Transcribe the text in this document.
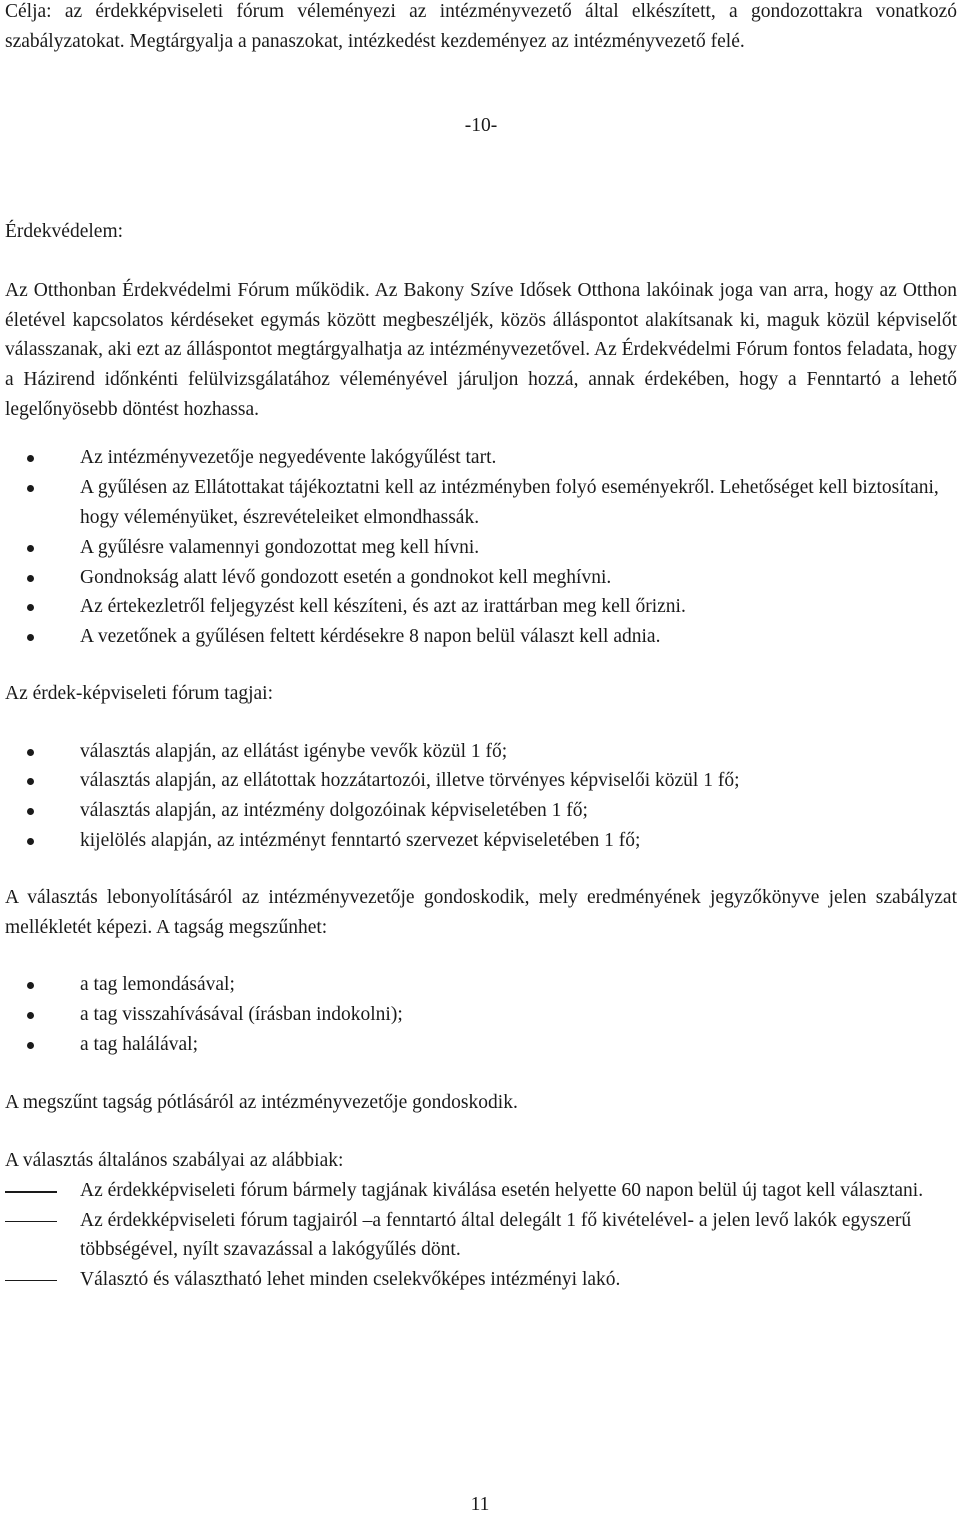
Célja: az érdekképviseleti fórum véleményezi az intézményvezető által elkészített, a gondozottakra vonatkozó szabályzatokat. Megtárgyalja a panaszokat, intézkedést kezdeményez az intézményvezető felé.

-10-

Érdekvédelem:

Az Otthonban Érdekvédelmi Fórum működik. Az Bakony Szíve Idősek Otthona lakóinak joga van arra, hogy az Otthon életével kapcsolatos kérdéseket egymás között megbeszéljék, közös álláspontot alakítsanak ki, maguk közül képviselőt válasszanak, aki ezt az álláspontot megtárgyalhatja az intézményvezetővel. Az Érdekvédelmi Fórum fontos feladata, hogy a Házirend időnkénti felülvizsgálatához véleményével járuljon hozzá, annak érdekében, hogy a Fenntartó a lehető legelőnyösebb döntést hozhassa.

Az intézményvezetője negyedévente lakógyűlést tart.
A gyűlésen az Ellátottakat tájékoztatni kell az intézményben folyó eseményekről. Lehetőséget kell biztosítani, hogy véleményüket, észrevételeiket elmondhassák.
A gyűlésre valamennyi gondozottat meg kell hívni.
Gondnokság alatt lévő gondozott esetén a gondnokot kell meghívni.
Az értekezletről feljegyzést kell készíteni, és azt az irattárban meg kell őrizni.
A vezetőnek a gyűlésen feltett kérdésekre 8 napon belül választ kell adnia.

Az érdek-képviseleti fórum tagjai:

választás alapján, az ellátást igénybe vevők közül 1 fő;
választás alapján, az ellátottak hozzátartozói, illetve törvényes képviselői közül 1 fő;
választás alapján, az intézmény dolgozóinak képviseletében 1 fő;
kijelölés alapján, az intézményt fenntartó szervezet képviseletében 1 fő;

A választás lebonyolításáról az intézményvezetője gondoskodik, mely eredményének jegyzőkönyve jelen szabályzat mellékletét képezi. A tagság megszűnhet:

a tag lemondásával;
a tag visszahívásával (írásban indokolni);
a tag halálával;

A megszűnt tagság pótlásáról az intézményvezetője gondoskodik.

A választás általános szabályai az alábbiak:

Az érdekképviseleti fórum bármely tagjának kiválása esetén helyette 60 napon belül új tagot kell választani.
Az érdekképviseleti fórum tagjairól –a fenntartó által delegált 1 fő kivételével- a jelen levő lakók egyszerű többségével, nyílt szavazással a lakógyűlés dönt.
Választó és választható lehet minden cselekvőképes intézményi lakó.
11
